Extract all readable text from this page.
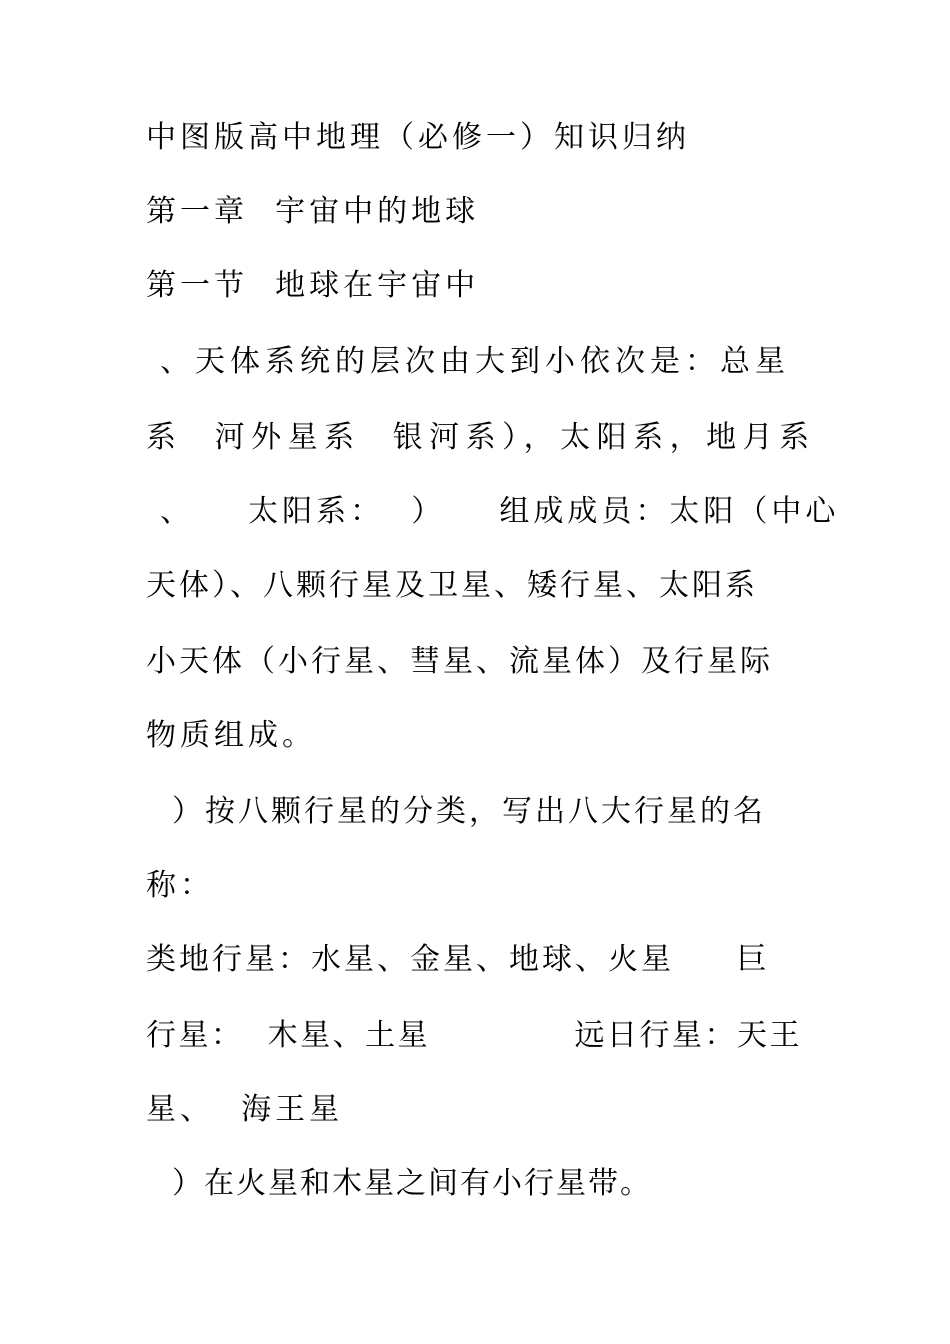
中图版高中地理（必修一）知识归纳
第一章  宇宙中的地球
第一节  地球在宇宙中
、天体系统的层次由大到小依次是：总星
系  河外星系  银河系），太阳系，地月系
、    太阳系：  ）    组成成员：太阳（中心
天体）、八颗行星及卫星、矮行星、太阳系
小天体（小行星、彗星、流星体）及行星际
物质组成。
）按八颗行星的分类，写出八大行星的名
称：
类地行星：水星、金星、地球、火星     巨
行星：  木星、土星            远日行星：天王
星、  海王星
）在火星和木星之间有小行星带。
